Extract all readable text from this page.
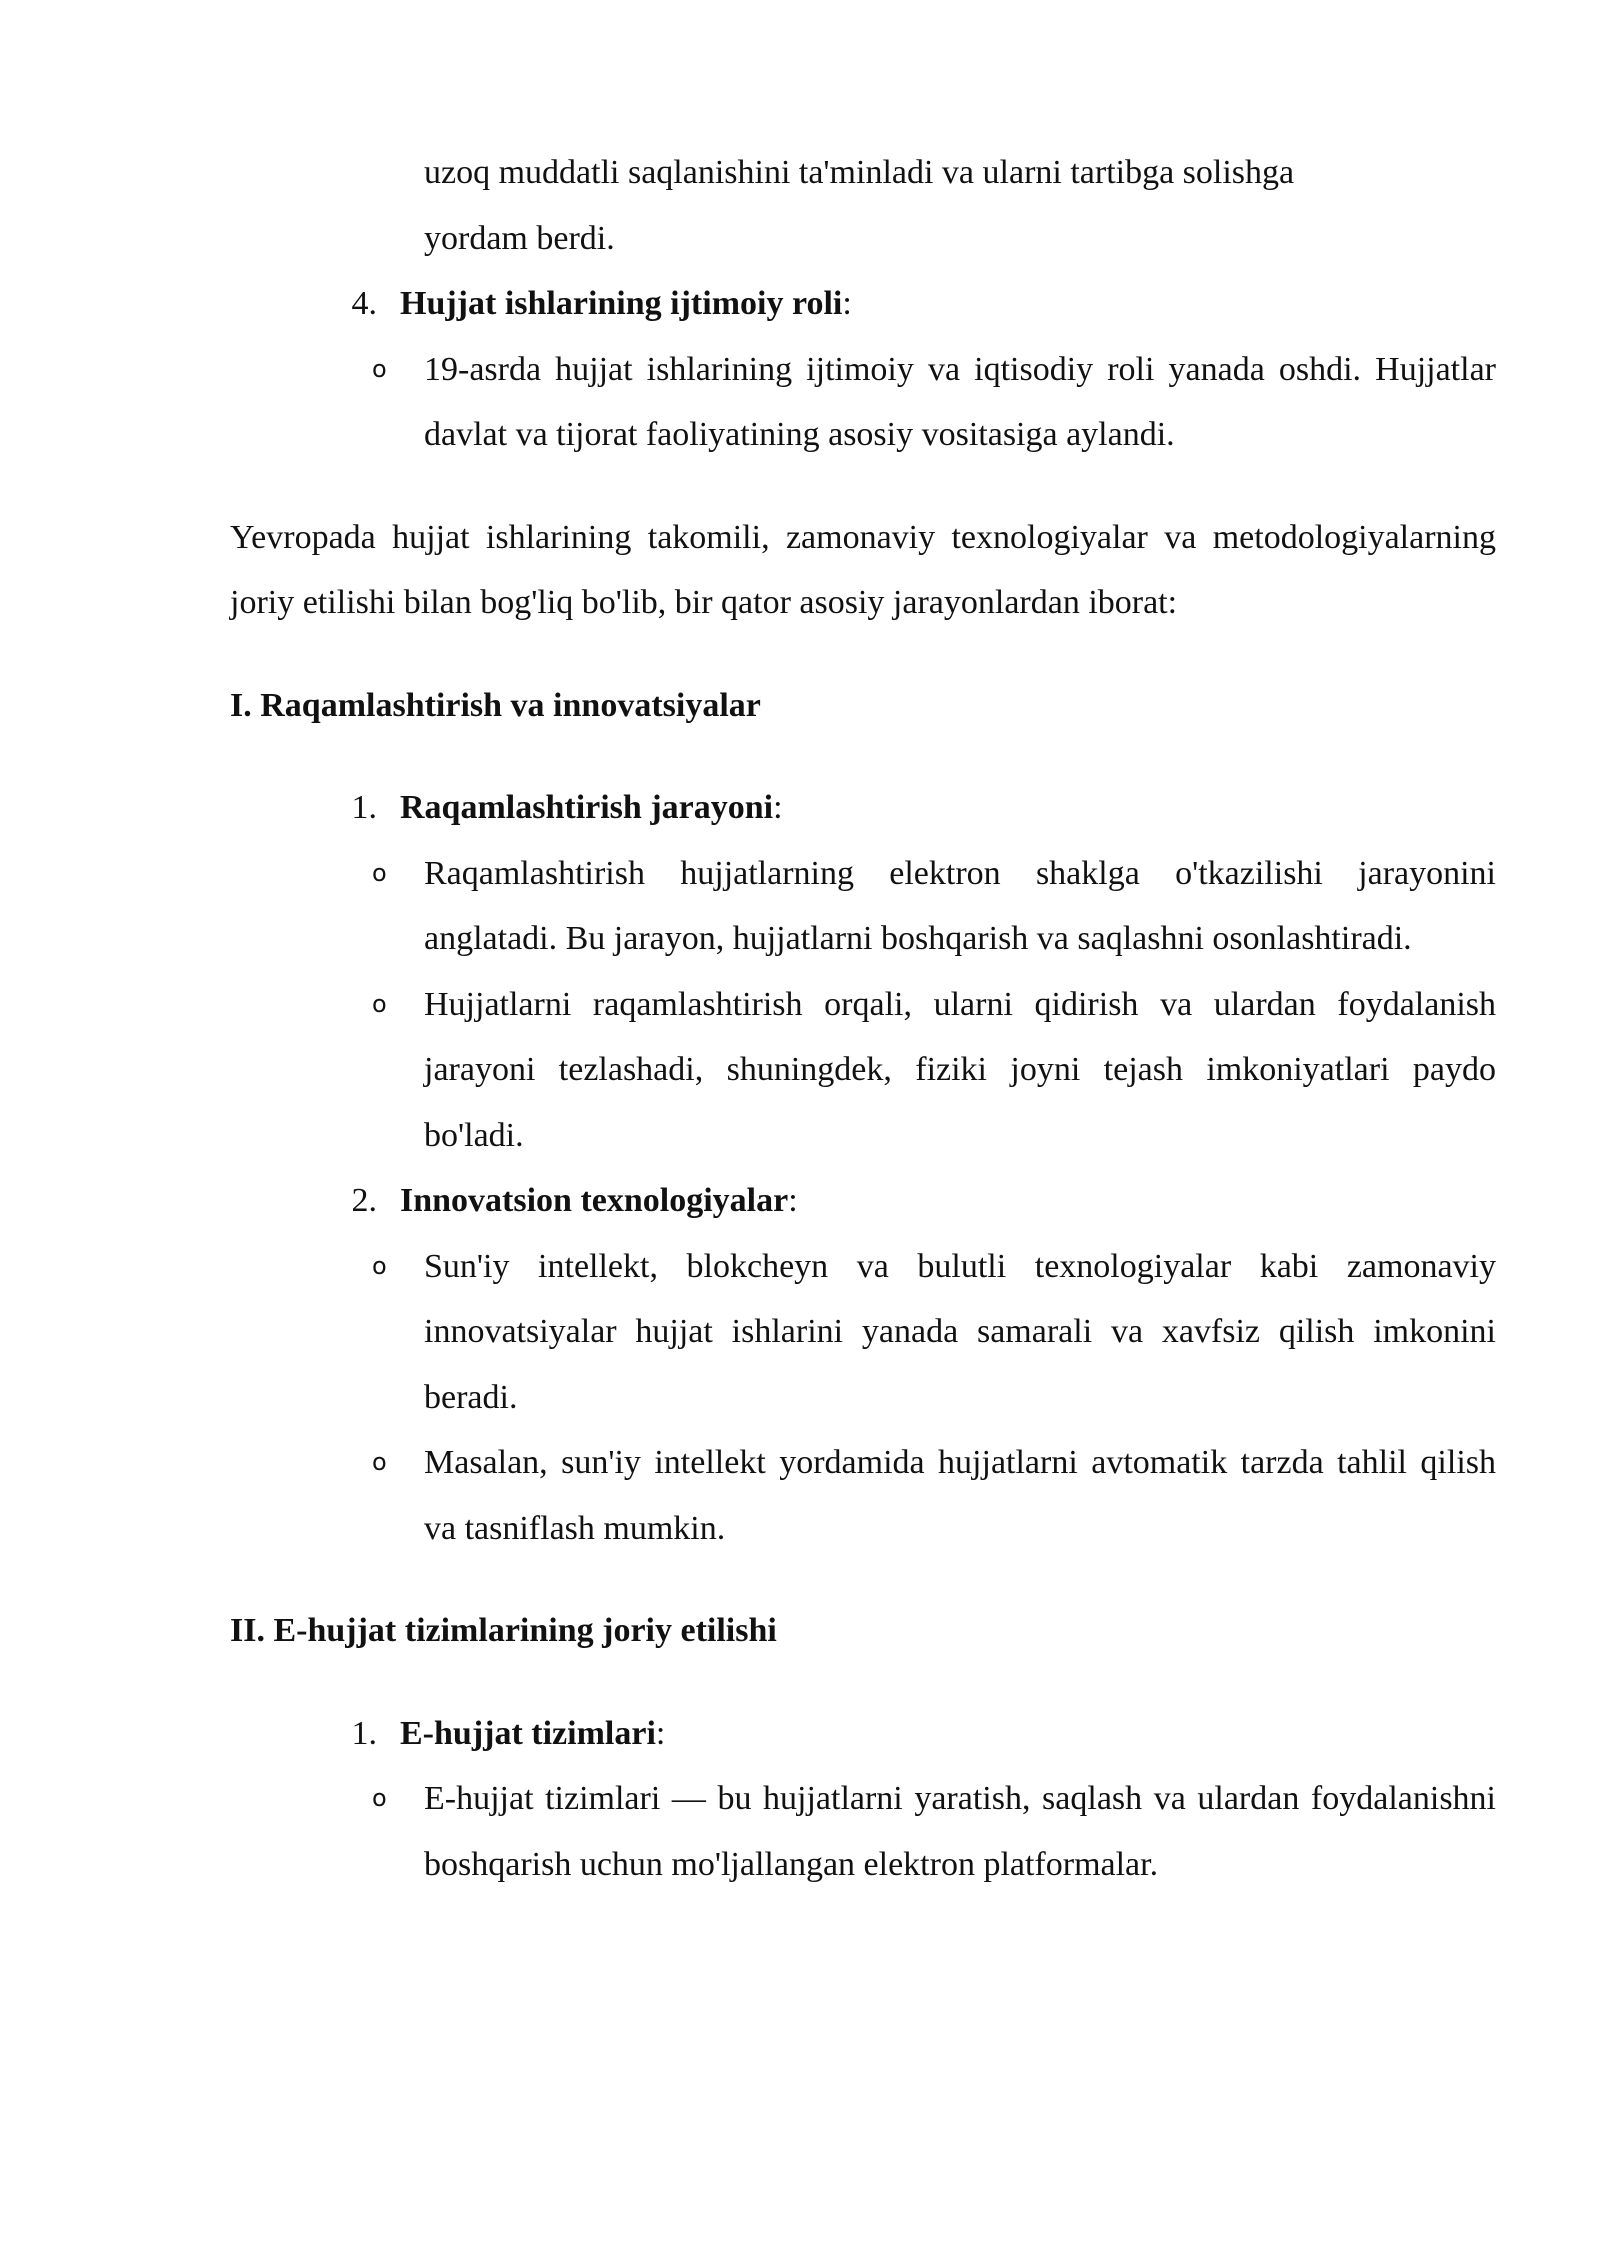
uzoq muddatli saqlanishini ta'minladi va ularni tartibga solishga
yordam berdi.
4. Hujjat ishlarining ijtimoiy roli:
o 19-asrda hujjat ishlarining ijtimoiy va iqtisodiy roli yanada oshdi. Hujjatlar davlat va tijorat faoliyatining asosiy vositasiga aylandi.
Yevropada hujjat ishlarining takomili, zamonaviy texnologiyalar va metodologiyalarning joriy etilishi bilan bog'liq bo'lib, bir qator asosiy jarayonlardan iborat:
I. Raqamlashtirish va innovatsiyalar
1. Raqamlashtirish jarayoni:
o Raqamlashtirish hujjatlarning elektron shaklga o'tkazilishi jarayonini anglatadi. Bu jarayon, hujjatlarni boshqarish va saqlashni osonlashtiradi.
o Hujjatlarni raqamlashtirish orqali, ularni qidirish va ulardan foydalanish jarayoni tezlashadi, shuningdek, fiziki joyni tejash imkoniyatlari paydo bo'ladi.
2. Innovatsion texnologiyalar:
o Sun'iy intellekt, blokcheyn va bulutli texnologiyalar kabi zamonaviy innovatsiyalar hujjat ishlarini yanada samarali va xavfsiz qilish imkonini beradi.
o Masalan, sun'iy intellekt yordamida hujjatlarni avtomatik tarzda tahlil qilish va tasniflash mumkin.
II. E-hujjat tizimlarining joriy etilishi
1. E-hujjat tizimlari:
o E-hujjat tizimlari — bu hujjatlarni yaratish, saqlash va ulardan foydalanishni boshqarish uchun mo'ljallangan elektron platformalar.
